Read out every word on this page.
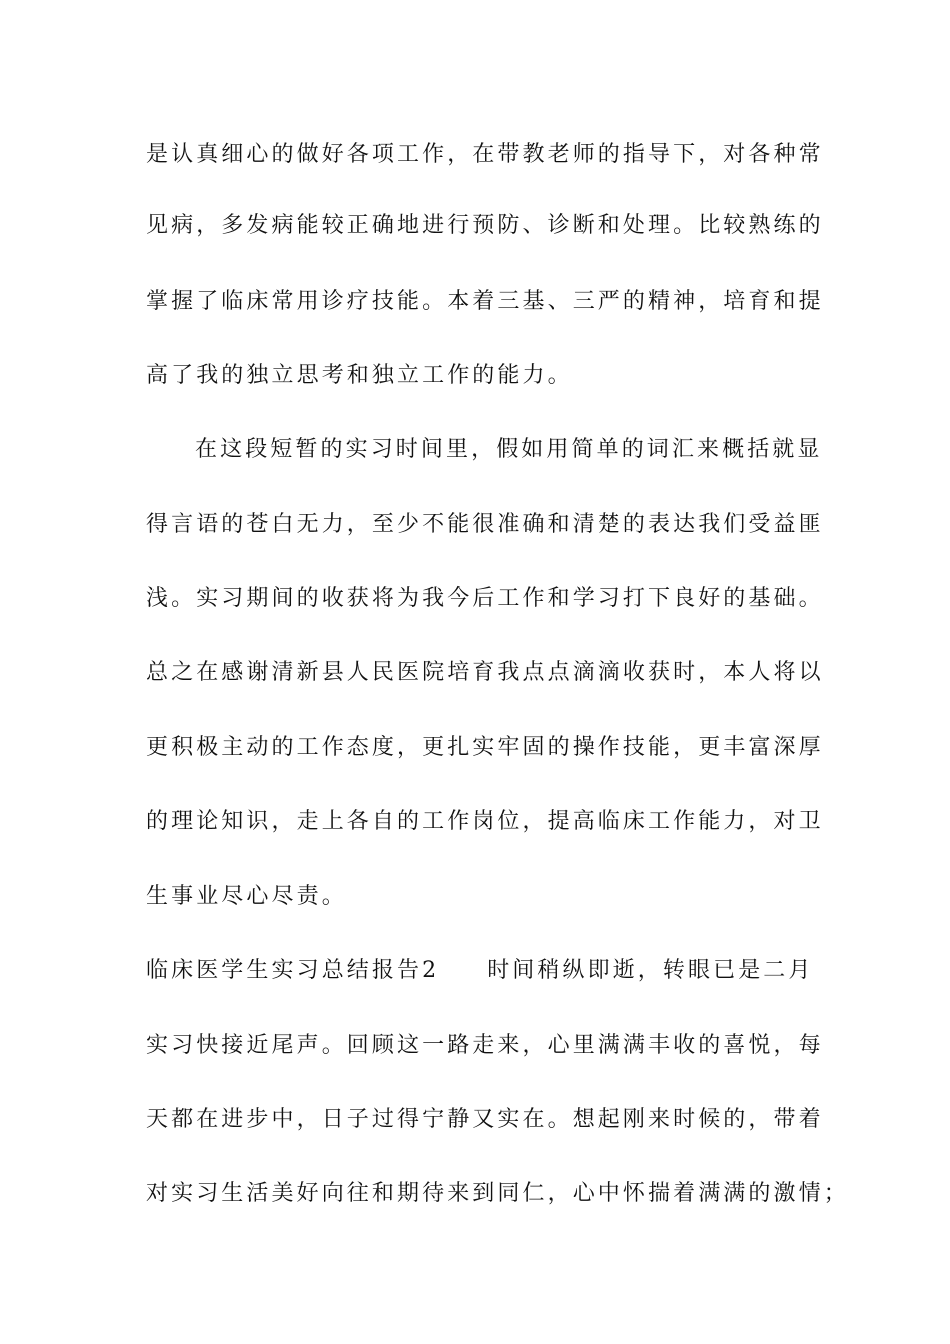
是认真细心的做好各项工作，在带教老师的指导下，对各种常
见病，多发病能较正确地进行预防、诊断和处理。比较熟练的
掌握了临床常用诊疗技能。本着三基、三严的精神，培育和提
高了我的独立思考和独立工作的能力。
在这段短暂的实习时间里，假如用简单的词汇来概括就显
得言语的苍白无力，至少不能很准确和清楚的表达我们受益匪
浅。实习期间的收获将为我今后工作和学习打下良好的基础。
总之在感谢清新县人民医院培育我点点滴滴收获时，本人将以
更积极主动的工作态度，更扎实牢固的操作技能，更丰富深厚
的理论知识，走上各自的工作岗位，提高临床工作能力，对卫
生事业尽心尽责。
临床医学生实习总结报告2 时间稍纵即逝，转眼已是二月
实习快接近尾声。回顾这一路走来，心里满满丰收的喜悦，每
天都在进步中，日子过得宁静又实在。想起刚来时候的，带着
对实习生活美好向往和期待来到同仁，心中怀揣着满满的激情；
